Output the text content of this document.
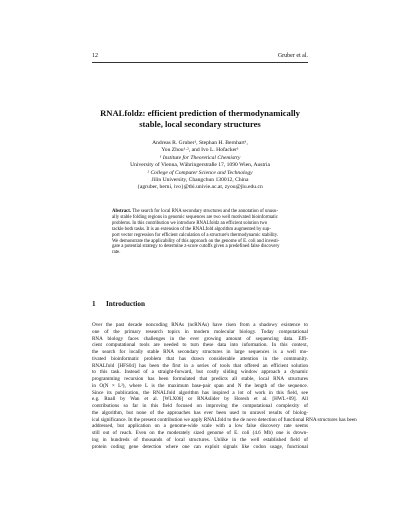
12	Gruber et al.
RNALfoldz: efficient prediction of thermodynamically
stable, local secondary structures
Andreas R. Gruber¹, Stephan H. Bernhart¹,
You Zhou¹·², and Ivo L. Hofacker¹
¹ Institute for Theoretical Chemistry
University of Vienna, Währingerstraße 17, 1090 Wien, Austria
² College of Computer Science and Technology
Jilin University, Changchun 130012, China
{agruber, berni, ivo}@tbi.univie.ac.at, zyou@jlu.edu.cn
Abstract. The search for local RNA secondary structures and the annotation of unusu-
ally stable folding regions in genomic sequences are two well motivated bioinformatic
problems. In this contribution we introduce RNALfoldz an efficient solution two
tackle both tasks. It is an extension of the RNALfold algorithm augmented by sup-
port vector regression for efficient calculation of a structure's thermodynamic stability.
We demonstrate the applicability of this approach on the genome of E. coli and investi-
gate a potential strategy to determine z-score cutoffs given a predefined false discovery
rate.
1 Introduction
Over the past decade noncoding RNAs (ncRNAs) have risen from a shadowy existence to
one of the primary research topics in modern molecular biology. Today computational
RNA biology faces challenges in the ever growing amount of sequencing data. Effi-
cient computational tools are needed to turn these data into information. In this context,
the search for locally stable RNA secondary structures in large sequences is a well mo-
tivated bioinformatic problem that has drawn considerable attention in the community.
RNALfold [HFS04] has been the first in a series of tools that offered an efficient solution
to this task. Instead of a straight-forward, but costly sliding window approach a dynamic
programming recursion has been formulated that predicts all stable, local RNA structures
in O(N × L²), where L is the maximum base-pair span and N the length of the sequence.
Since its publication, the RNALfold algorithm has inspired a lot of work in this field, see
e.g. Rnall by Wan et al. [WLX06] or RNAslider by Horesh et al. [HWL+09]. All
contributions so far in this field focused on improving the computational complexity of
the algorithm, but none of the approaches has ever been used to unravel results of biolog-
ical significance. In the present contribution we apply RNALfold to the de novo detection of functional RNA structures has been
addressed, but application on a genome-wide scale with a low false discovery rate seems
still out of reach. Even on the moderately sized genome of E. coli (4.6 Mb) one is drown-
ing in hundreds of thousands of local structures. Unlike in the well established field of
protein coding gene detection where one can exploit signals like codon usage, functional
